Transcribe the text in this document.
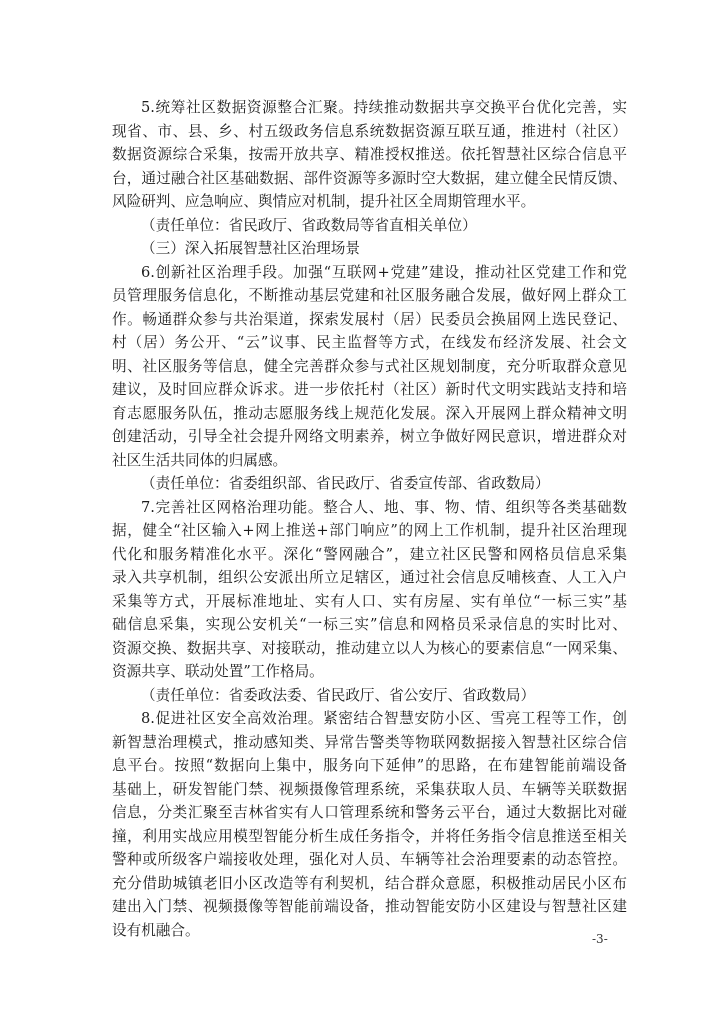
5.统筹社区数据资源整合汇聚。持续推动数据共享交换平台优化完善，实
现省、市、县、乡、村五级政务信息系统数据资源互联互通，推进村（社区）
数据资源综合采集，按需开放共享、精准授权推送。依托智慧社区综合信息平
台，通过融合社区基础数据、部件资源等多源时空大数据，建立健全民情反馈、
风险研判、应急响应、舆情应对机制，提升社区全周期管理水平。
（责任单位：省民政厅、省政数局等省直相关单位）
（三）深入拓展智慧社区治理场景
6.创新社区治理手段。加强“互联网+党建”建设，推动社区党建工作和党
员管理服务信息化，不断推动基层党建和社区服务融合发展，做好网上群众工
作。畅通群众参与共治渠道，探索发展村（居）民委员会换届网上选民登记、
村（居）务公开、“云”议事、民主监督等方式，在线发布经济发展、社会文
明、社区服务等信息，健全完善群众参与式社区规划制度，充分听取群众意见
建议，及时回应群众诉求。进一步依托村（社区）新时代文明实践站支持和培
育志愿服务队伍，推动志愿服务线上规范化发展。深入开展网上群众精神文明
创建活动，引导全社会提升网络文明素养，树立争做好网民意识，增进群众对
社区生活共同体的归属感。
（责任单位：省委组织部、省民政厅、省委宣传部、省政数局）
7.完善社区网格治理功能。整合人、地、事、物、情、组织等各类基础数
据，健全“社区输入+网上推送+部门响应”的网上工作机制，提升社区治理现
代化和服务精准化水平。深化“警网融合”，建立社区民警和网格员信息采集
录入共享机制，组织公安派出所立足辖区，通过社会信息反哺核查、人工入户
采集等方式，开展标准地址、实有人口、实有房屋、实有单位“一标三实”基
础信息采集，实现公安机关“一标三实”信息和网格员采录信息的实时比对、
资源交换、数据共享、对接联动，推动建立以人为核心的要素信息“一网采集、
资源共享、联动处置”工作格局。
（责任单位：省委政法委、省民政厅、省公安厅、省政数局）
8.促进社区安全高效治理。紧密结合智慧安防小区、雪亮工程等工作，创
新智慧治理模式，推动感知类、异常告警类等物联网数据接入智慧社区综合信
息平台。按照“数据向上集中，服务向下延伸”的思路，在布建智能前端设备
基础上，研发智能门禁、视频摄像管理系统，采集获取人员、车辆等关联数据
信息，分类汇聚至吉林省实有人口管理系统和警务云平台，通过大数据比对碰
撞，利用实战应用模型智能分析生成任务指令，并将任务指令信息推送至相关
警种或所级客户端接收处理，强化对人员、车辆等社会治理要素的动态管控。
充分借助城镇老旧小区改造等有利契机，结合群众意愿，积极推动居民小区布
建出入门禁、视频摄像等智能前端设备，推动智能安防小区建设与智慧社区建
设有机融合。
-3-
